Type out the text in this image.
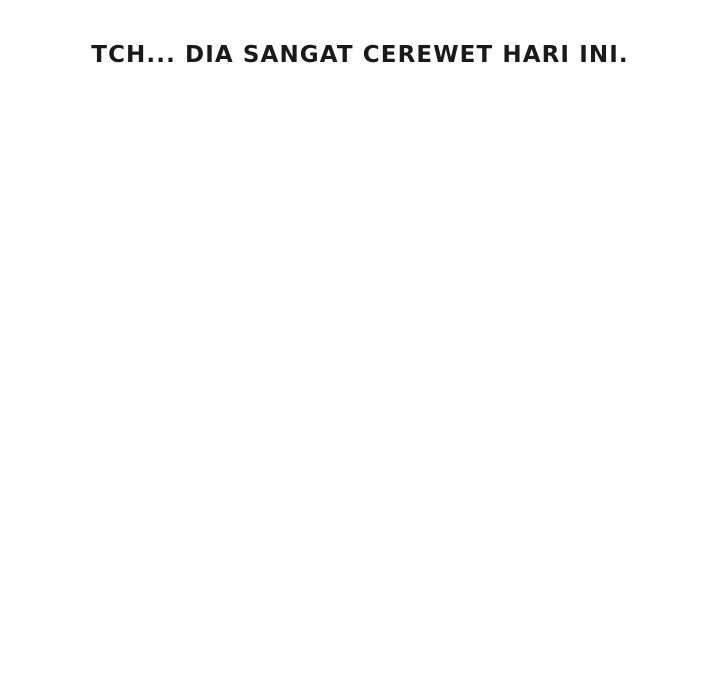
TCH... DIA SANGAT CEREWET HARI INI.
